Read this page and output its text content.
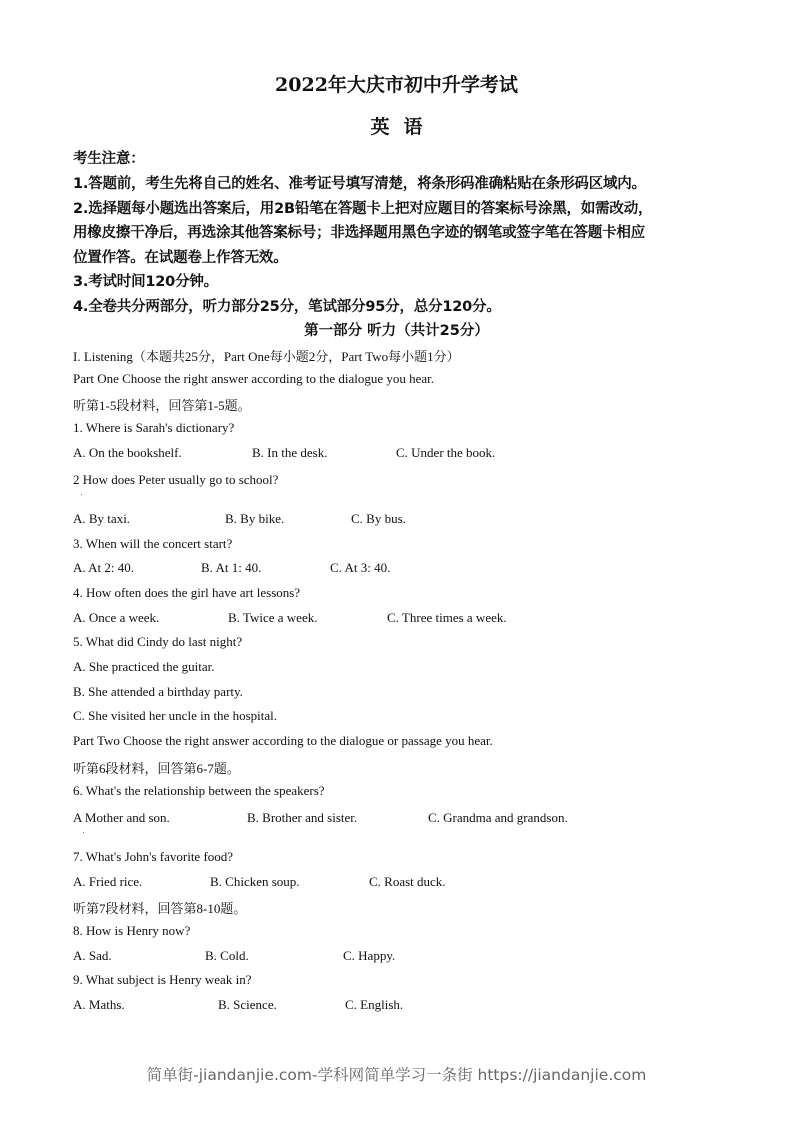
2022年大庆市初中升学考试
英语
考生注意：
1.答题前，考生先将自己的姓名、准考证号填写清楚，将条形码准确粘贴在条形码区域内。
2.选择题每小题选出答案后，用2B铅笔在答题卡上把对应题目的答案标号涂黑，如需改动，
用橡皮擦干净后，再选涂其他答案标号；非选择题用黑色字迹的钢笔或签字笔在答题卡相应
位置作答。在试题卷上作答无效。
3.考试时间120分钟。
4.全卷共分两部分，听力部分25分，笔试部分95分，总分120分。
第一部分 听力（共计25分）
I. Listening（本题共25分，Part One每小题2分，Part Two每小题1分）
Part One Choose the right answer according to the dialogue you hear.
听第1-5段材料，回答第1-5题。
1. Where is Sarah's dictionary?
A. On the bookshelf.	B. In the desk.	C. Under the book.
2 How does Peter usually go to school?
A. By taxi.	B. By bike.	C. By bus.
3. When will the concert start?
A. At 2: 40.	B. At 1: 40.	C. At 3: 40.
4. How often does the girl have art lessons?
A. Once a week.	B. Twice a week.	C. Three times a week.
5. What did Cindy do last night?
A. She practiced the guitar.
B. She attended a birthday party.
C. She visited her uncle in the hospital.
Part Two Choose the right answer according to the dialogue or passage you hear.
听第6段材料，回答第6-7题。
6. What's the relationship between the speakers?
A Mother and son.	B. Brother and sister.	C. Grandma and grandson.
7. What's John's favorite food?
A. Fried rice.	B. Chicken soup.	C. Roast duck.
听第7段材料，回答第8-10题。
8. How is Henry now?
A. Sad.	B. Cold.	C. Happy.
9. What subject is Henry weak in?
A. Maths.	B. Science.	C. English.
简单街-jiandanjie.com-学科网简单学习一条街 https://jiandanjie.com
